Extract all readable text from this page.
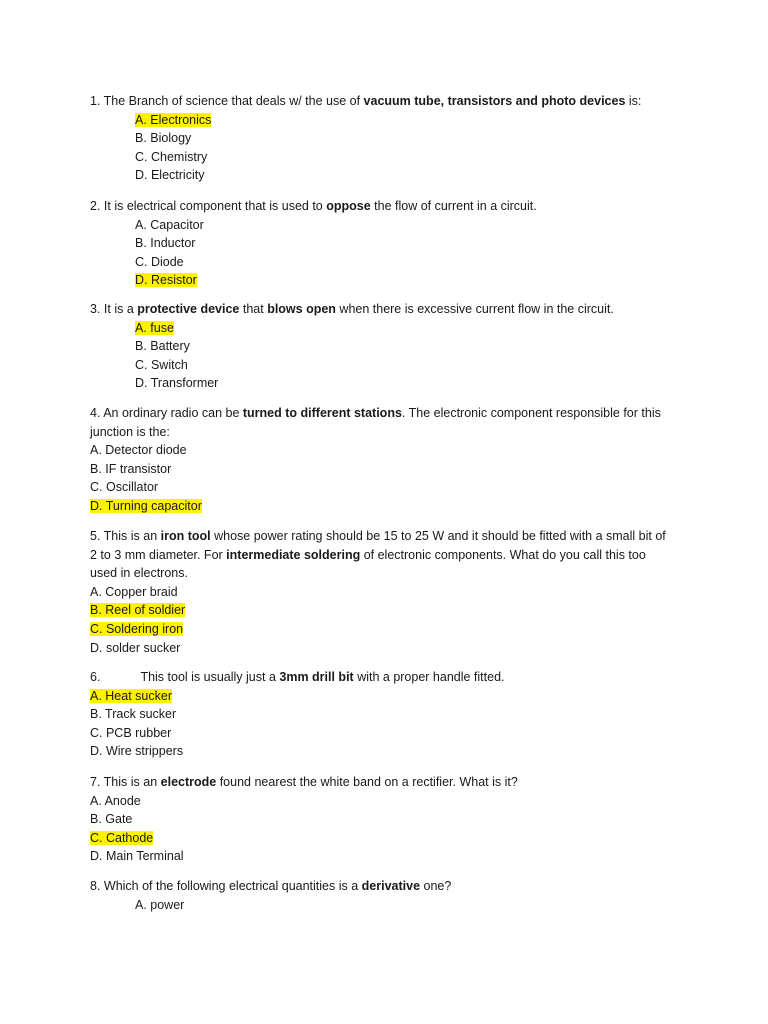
1. The Branch of science that deals w/ the use of vacuum tube, transistors and photo devices is:
A. Electronics
B. Biology
C. Chemistry
D. Electricity
2. It is electrical component that is used to oppose the flow of current in a circuit.
A. Capacitor
B. Inductor
C. Diode
D. Resistor
3. It is a protective device that blows open when there is excessive current flow in the circuit.
A. fuse
B. Battery
C. Switch
D. Transformer
4. An ordinary radio can be turned to different stations. The electronic component responsible for this
junction is the:
A. Detector diode
B. IF transistor
C. Oscillator
D. Turning capacitor
5. This is an iron tool whose power rating should be 15 to 25 W and it should be fitted with a small bit of
2 to 3 mm diameter. For intermediate soldering of electronic components. What do you call this too
used in electrons.
A. Copper braid
B. Reel of soldier
C. Soldering iron
D. solder sucker
6.	This tool is usually just a 3mm drill bit with a proper handle fitted.
A. Heat sucker
B. Track sucker
C. PCB rubber
D. Wire strippers
7. This is an electrode found nearest the white band on a rectifier. What is it?
A. Anode
B. Gate
C. Cathode
D. Main Terminal
8. Which of the following electrical quantities is a derivative one?
A. power
